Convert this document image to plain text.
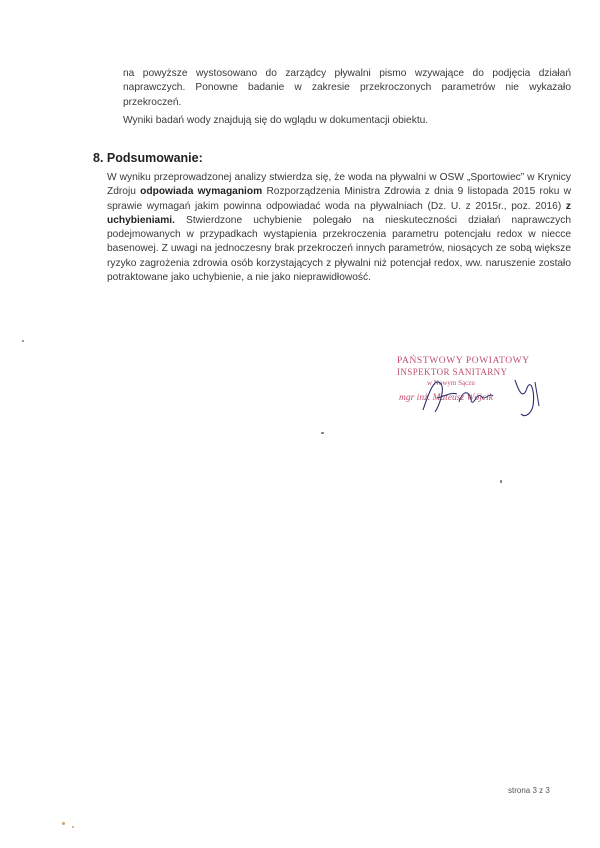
na powyższe wystosowano do zarządcy pływalni pismo wzywające do podjęcia działań naprawczych. Ponowne badanie w zakresie przekroczonych parametrów nie wykazało przekroczeń.

Wyniki badań wody znajdują się do wglądu w dokumentacji obiektu.

8. Podsumowanie:

W wyniku przeprowadzonej analizy stwierdza się, że woda na pływalni w OSW „Sportowiec” w Krynicy Zdroju odpowiada wymaganiom Rozporządzenia Ministra Zdrowia z dnia 9 listopada 2015 roku w sprawie wymagań jakim powinna odpowiadać woda na pływalniach (Dz. U. z 2015r., poz. 2016) z uchybieniami. Stwierdzone uchybienie polegało na nieskuteczności działań naprawczych podejmowanych w przypadkach wystąpienia przekroczenia parametru potencjału redox w niecce basenowej. Z uwagi na jednoczesny brak przekroczeń innych parametrów, niosących ze sobą większe ryzyko zagrożenia zdrowia osób korzystających z pływalni niż potencjał redox, ww. naruszenie zostało potraktowane jako uchybienie, a nie jako nieprawidłowość.

PAŃSTWOWY POWIATOWY
INSPEKTOR SANITARNY
w Nowym Sączu
mgr inż. Mateusz Wójcik

strona 3 z 3
